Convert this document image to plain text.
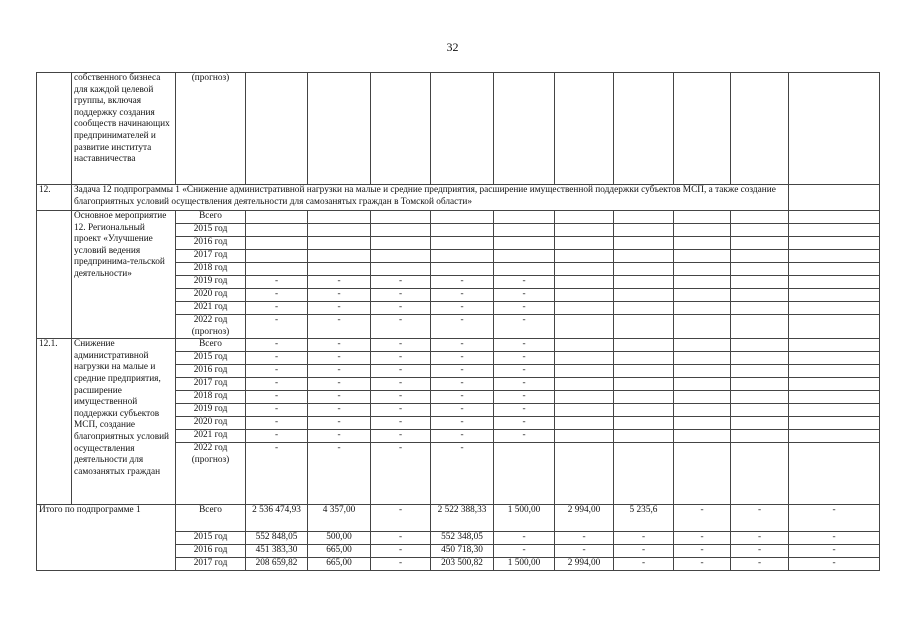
32
	собственного бизнеса для каждой целевой группы, включая поддержку создания сообществ начинающих предпринимателей и развитие института наставничества	(прогноз)										
12.	Задача 12 подпрограммы 1 «Снижение административной нагрузки на малые и средние предприятия, расширение имущественной поддержки субъектов МСП, а также создание благоприятных условий осуществления деятельности для самозанятых граждан в Томской области»											
	Основное мероприятие 12. Региональный проект «Улучшение условий ведения предпринима-тельской деятельности»	Всего										
		2015 год										
		2016 год										
		2017 год										
		2018 год										
		2019 год	-	-	-	-	-					
		2020 год	-	-	-	-	-					
		2021 год	-	-	-	-	-					
		2022 год (прогноз)	-	-	-	-	-					
12.1.	Снижение административной нагрузки на малые и средние предприятия, расширение имущественной поддержки субъектов МСП, создание благоприятных условий осуществления деятельности для самозанятых граждан	Всего	-	-	-	-	-					
		2015 год	-	-	-	-	-					
		2016 год	-	-	-	-	-					
		2017 год	-	-	-	-	-					
		2018 год	-	-	-	-	-					
		2019 год	-	-	-	-	-					
		2020 год	-	-	-	-	-					
		2021 год	-	-	-	-	-					
		2022 год (прогноз)	-	-	-	-						
Итого по подпрограмме 1		Всего	2 536 474,93	4 357,00	-	2 522 388,33	1 500,00	2 994,00	5 235,6	-	-	-
		2015 год	552 848,05	500,00	-	552 348,05	-	-	-	-	-	-
		2016 год	451 383,30	665,00	-	450 718,30	-	-	-	-	-	-
		2017 год	208 659,82	665,00	-	203 500,82	1 500,00	2 994,00	-	-	-	-
